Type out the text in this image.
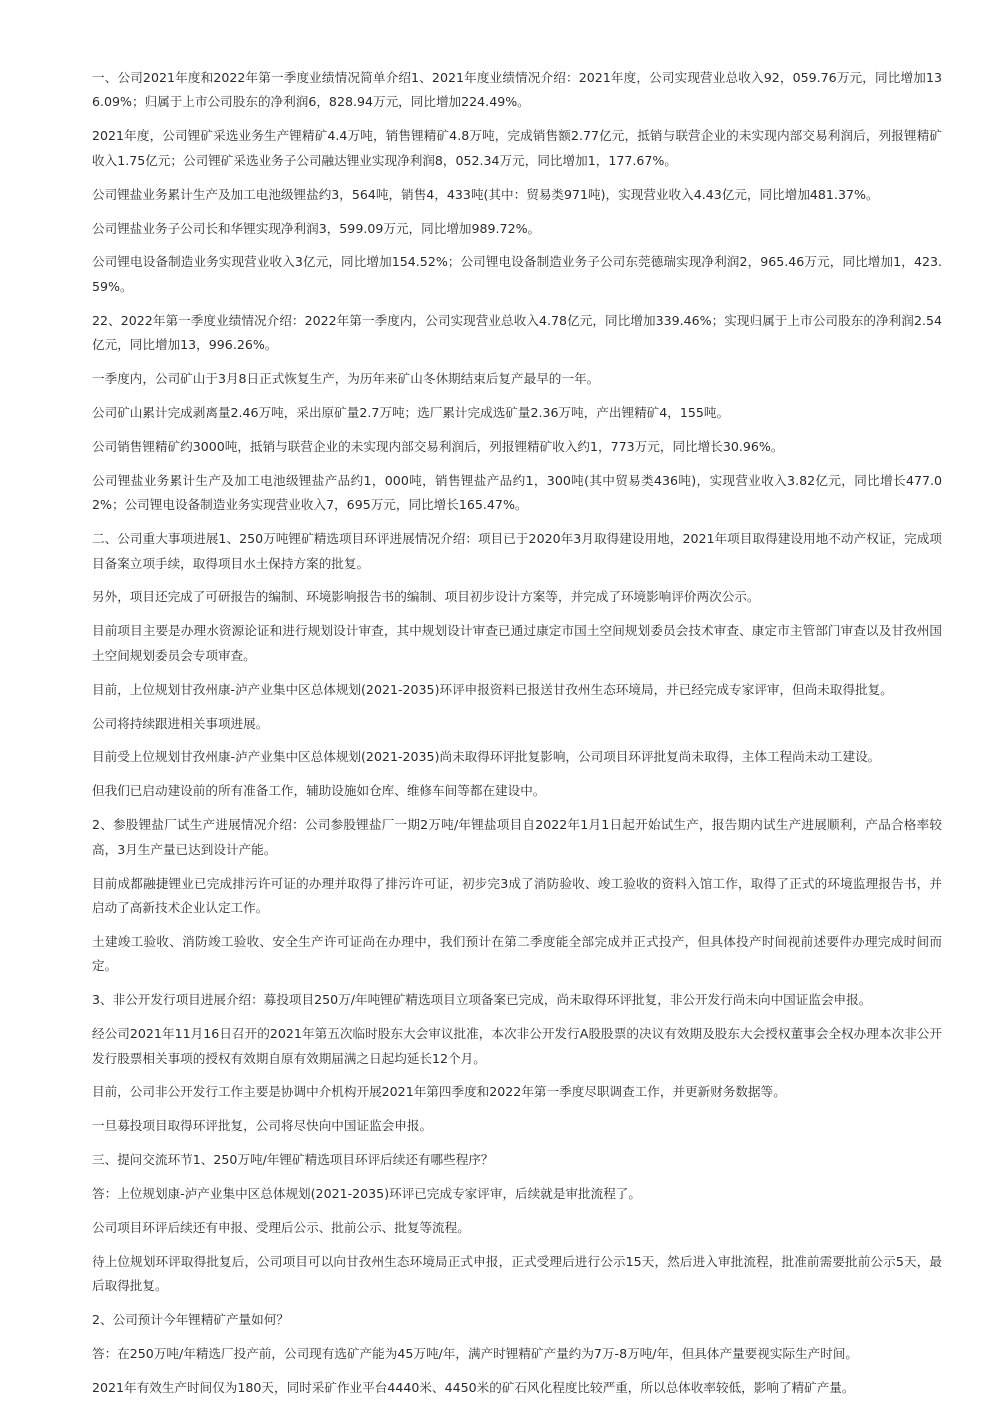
一、公司2021年度和2022年第一季度业绩情况简单介绍1、2021年度业绩情况介绍：2021年度，公司实现营业总收入92，059.76万元，同比增加136.09%；归属于上市公司股东的净利润6，828.94万元，同比增加224.49%。

2021年度，公司锂矿采选业务生产锂精矿4.4万吨，销售锂精矿4.8万吨，完成销售额2.77亿元，抵销与联营企业的未实现内部交易利润后，列报锂精矿收入1.75亿元；公司锂矿采选业务子公司融达锂业实现净利润8，052.34万元，同比增加1，177.67%。

公司锂盐业务累计生产及加工电池级锂盐约3，564吨，销售4，433吨(其中：贸易类971吨)，实现营业收入4.43亿元，同比增加481.37%。

公司锂盐业务子公司长和华锂实现净利润3，599.09万元，同比增加989.72%。

公司锂电设备制造业务实现营业收入3亿元，同比增加154.52%；公司锂电设备制造业务子公司东莞德瑞实现净利润2，965.46万元，同比增加1，423.59%。

22、2022年第一季度业绩情况介绍：2022年第一季度内，公司实现营业总收入4.78亿元，同比增加339.46%；实现归属于上市公司股东的净利润2.54亿元，同比增加13，996.26%。

一季度内，公司矿山于3月8日正式恢复生产，为历年来矿山冬休期结束后复产最早的一年。

公司矿山累计完成剥离量2.46万吨，采出原矿量2.7万吨；选厂累计完成选矿量2.36万吨，产出锂精矿4，155吨。

公司销售锂精矿约3000吨，抵销与联营企业的未实现内部交易利润后，列报锂精矿收入约1，773万元，同比增长30.96%。

公司锂盐业务累计生产及加工电池级锂盐产品约1，000吨，销售锂盐产品约1，300吨(其中贸易类436吨)，实现营业收入3.82亿元，同比增长477.02%；公司锂电设备制造业务实现营业收入7，695万元，同比增长165.47%。

二、公司重大事项进展1、250万吨锂矿精选项目环评进展情况介绍：项目已于2020年3月取得建设用地，2021年项目取得建设用地不动产权证，完成项目备案立项手续，取得项目水土保持方案的批复。

另外，项目还完成了可研报告的编制、环境影响报告书的编制、项目初步设计方案等，并完成了环境影响评价两次公示。

目前项目主要是办理水资源论证和进行规划设计审查，其中规划设计审查已通过康定市国土空间规划委员会技术审查、康定市主管部门审查以及甘孜州国土空间规划委员会专项审查。

目前，上位规划甘孜州康-泸产业集中区总体规划(2021-2035)环评申报资料已报送甘孜州生态环境局，并已经完成专家评审，但尚未取得批复。

公司将持续跟进相关事项进展。

目前受上位规划甘孜州康-泸产业集中区总体规划(2021-2035)尚未取得环评批复影响，公司项目环评批复尚未取得，主体工程尚未动工建设。

但我们已启动建设前的所有准备工作，辅助设施如仓库、维修车间等都在建设中。

2、参股锂盐厂试生产进展情况介绍：公司参股锂盐厂一期2万吨/年锂盐项目自2022年1月1日起开始试生产，报告期内试生产进展顺利，产品合格率较高，3月生产量已达到设计产能。

目前成都融捷锂业已完成排污许可证的办理并取得了排污许可证，初步完3成了消防验收、竣工验收的资料入馆工作，取得了正式的环境监理报告书，并启动了高新技术企业认定工作。

土建竣工验收、消防竣工验收、安全生产许可证尚在办理中，我们预计在第二季度能全部完成并正式投产，但具体投产时间视前述要件办理完成时间而定。

3、非公开发行项目进展介绍：募投项目250万/年吨锂矿精选项目立项备案已完成，尚未取得环评批复，非公开发行尚未向中国证监会申报。

经公司2021年11月16日召开的2021年第五次临时股东大会审议批准，本次非公开发行A股股票的决议有效期及股东大会授权董事会全权办理本次非公开发行股票相关事项的授权有效期自原有效期届满之日起均延长12个月。

目前，公司非公开发行工作主要是协调中介机构开展2021年第四季度和2022年第一季度尽职调查工作，并更新财务数据等。

一旦募投项目取得环评批复，公司将尽快向中国证监会申报。

三、提问交流环节1、250万吨/年锂矿精选项目环评后续还有哪些程序？

答：上位规划康-泸产业集中区总体规划(2021-2035)环评已完成专家评审，后续就是审批流程了。

公司项目环评后续还有申报、受理后公示、批前公示、批复等流程。

待上位规划环评取得批复后，公司项目可以向甘孜州生态环境局正式申报，正式受理后进行公示15天，然后进入审批流程，批准前需要批前公示5天，最后取得批复。

2、公司预计今年锂精矿产量如何？

答：在250万吨/年精选厂投产前，公司现有选矿产能为45万吨/年，满产时锂精矿产量约为7万-8万吨/年，但具体产量要视实际生产时间。

2021年有效生产时间仅为180天，同时采矿作业平台4440米、4450米的矿石风化程度比较严重，所以总体收率较低，影响了精矿产量。
